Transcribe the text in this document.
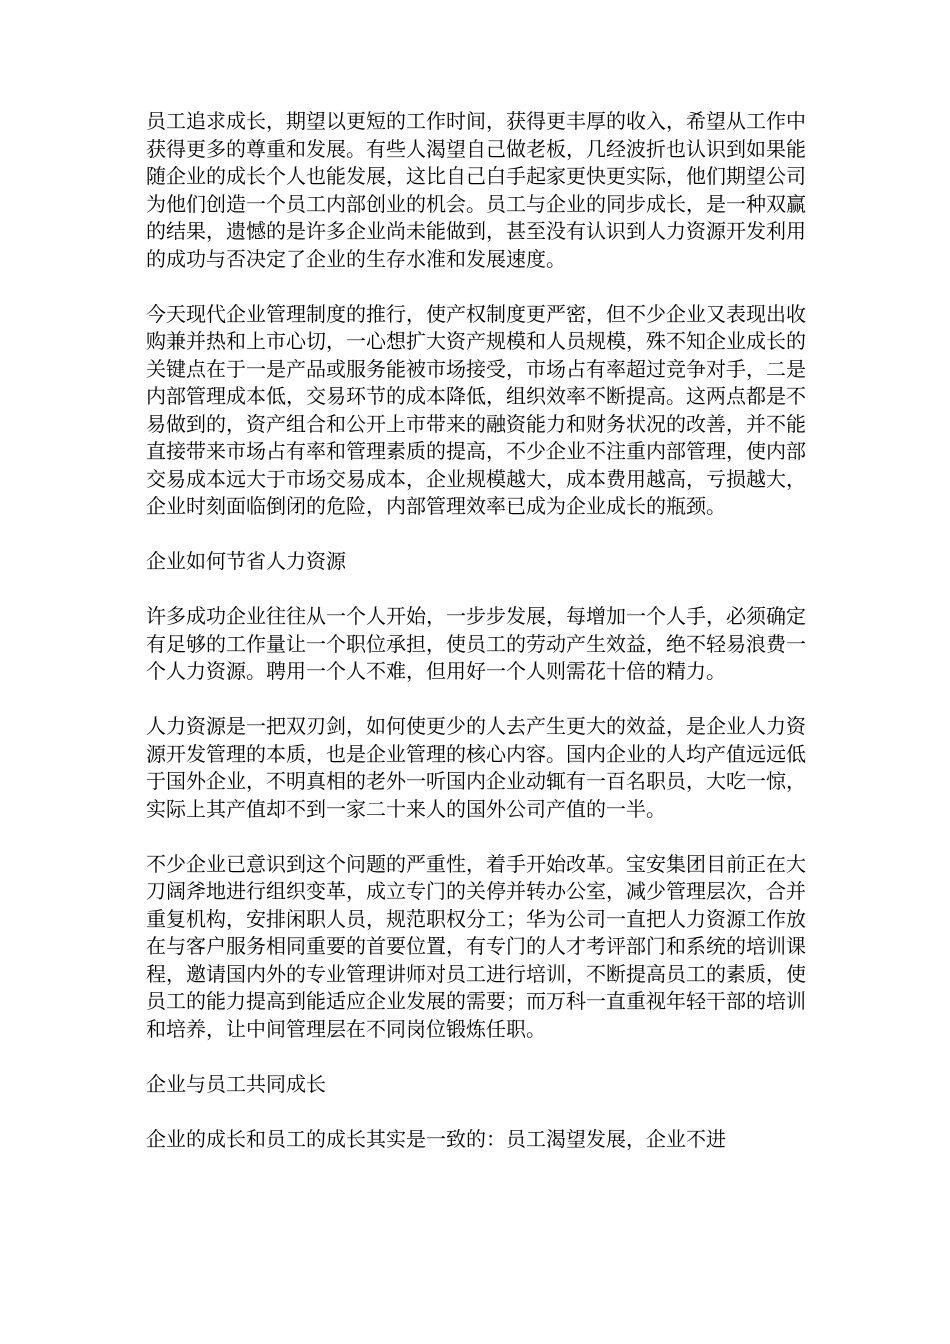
员工追求成长，期望以更短的工作时间，获得更丰厚的收入，希望从工作中获得更多的尊重和发展。有些人渴望自己做老板，几经波折也认识到如果能随企业的成长个人也能发展，这比自己白手起家更快更实际，他们期望公司为他们创造一个员工内部创业的机会。员工与企业的同步成长，是一种双赢的结果，遗憾的是许多企业尚未能做到，甚至没有认识到人力资源开发利用的成功与否决定了企业的生存水准和发展速度。

今天现代企业管理制度的推行，使产权制度更严密，但不少企业又表现出收购兼并热和上市心切，一心想扩大资产规模和人员规模，殊不知企业成长的关键点在于一是产品或服务能被市场接受，市场占有率超过竞争对手，二是内部管理成本低，交易环节的成本降低，组织效率不断提高。这两点都是不易做到的，资产组合和公开上市带来的融资能力和财务状况的改善，并不能直接带来市场占有率和管理素质的提高，不少企业不注重内部管理，使内部交易成本远大于市场交易成本，企业规模越大，成本费用越高，亏损越大，企业时刻面临倒闭的危险，内部管理效率已成为企业成长的瓶颈。

企业如何节省人力资源

许多成功企业往往从一个人开始，一步步发展，每增加一个人手，必须确定有足够的工作量让一个职位承担，使员工的劳动产生效益，绝不轻易浪费一个人力资源。聘用一个人不难，但用好一个人则需花十倍的精力。

人力资源是一把双刃剑，如何使更少的人去产生更大的效益，是企业人力资源开发管理的本质，也是企业管理的核心内容。国内企业的人均产值远远低于国外企业，不明真相的老外一听国内企业动辄有一百名职员，大吃一惊，实际上其产值却不到一家二十来人的国外公司产值的一半。

不少企业已意识到这个问题的严重性，着手开始改革。宝安集团目前正在大刀阔斧地进行组织变革，成立专门的关停并转办公室，减少管理层次，合并重复机构，安排闲职人员，规范职权分工；华为公司一直把人力资源工作放在与客户服务相同重要的首要位置，有专门的人才考评部门和系统的培训课程，邀请国内外的专业管理讲师对员工进行培训，不断提高员工的素质，使员工的能力提高到能适应企业发展的需要；而万科一直重视年轻干部的培训和培养，让中间管理层在不同岗位锻炼任职。

企业与员工共同成长

企业的成长和员工的成长其实是一致的：员工渴望发展，企业不进
